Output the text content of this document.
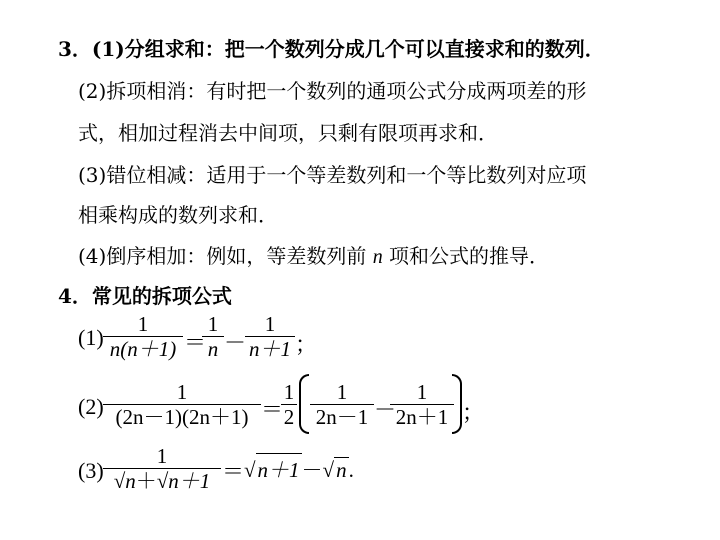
3．(1)分组求和：把一个数列分成几个可以直接求和的数列．
(2)拆项相消：有时把一个数列的通项公式分成两项差的形
式，相加过程消去中间项，只剩有限项再求和．
(3)错位相减：适用于一个等差数列和一个等比数列对应项
相乘构成的数列求和．
(4)倒序相加：例如，等差数列前 n 项和公式的推导．
4．常见的拆项公式
(1)
1
n(n＋1) ＝
1
n －
1
n＋1 ；
(2)
1
(2n－1)(2n＋1) ＝
1
2
1
2n－1 －
1
2n＋1 ；
(3)
1
√n＋√n＋1 ＝ √n＋1－√n.
